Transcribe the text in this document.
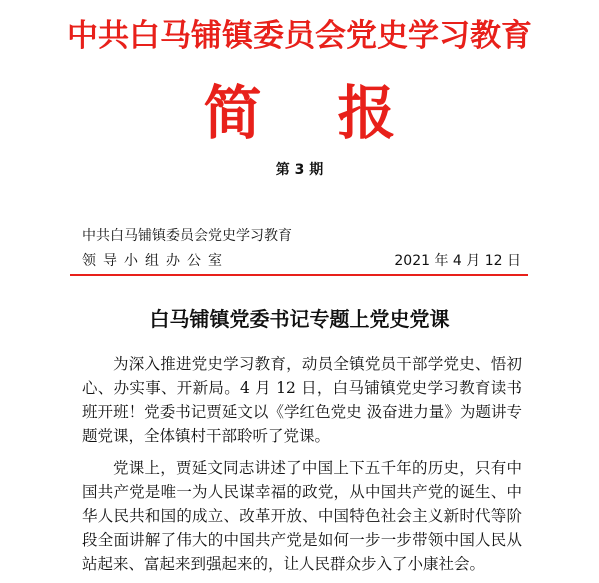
中共白马铺镇委员会党史学习教育
简 报
第 3 期
中共白马铺镇委员会党史学习教育
领导小组办公室	2021 年 4 月 12 日
白马铺镇党委书记专题上党史党课

为深入推进党史学习教育，动员全镇党员干部学党史、悟初心、办实事、开新局。4 月 12 日，白马铺镇党史学习教育读书班开班！党委书记贾延文以《学红色党史 汲奋进力量》为题讲专题党课，全体镇村干部聆听了党课。

党课上，贾延文同志讲述了中国上下五千年的历史，只有中国共产党是唯一为人民谋幸福的政党，从中国共产党的诞生、中华人民共和国的成立、改革开放、中国特色社会主义新时代等阶段全面讲解了伟大的中国共产党是如何一步一步带领中国人民从站起来、富起来到强起来的，让人民群众步入了小康社会。
